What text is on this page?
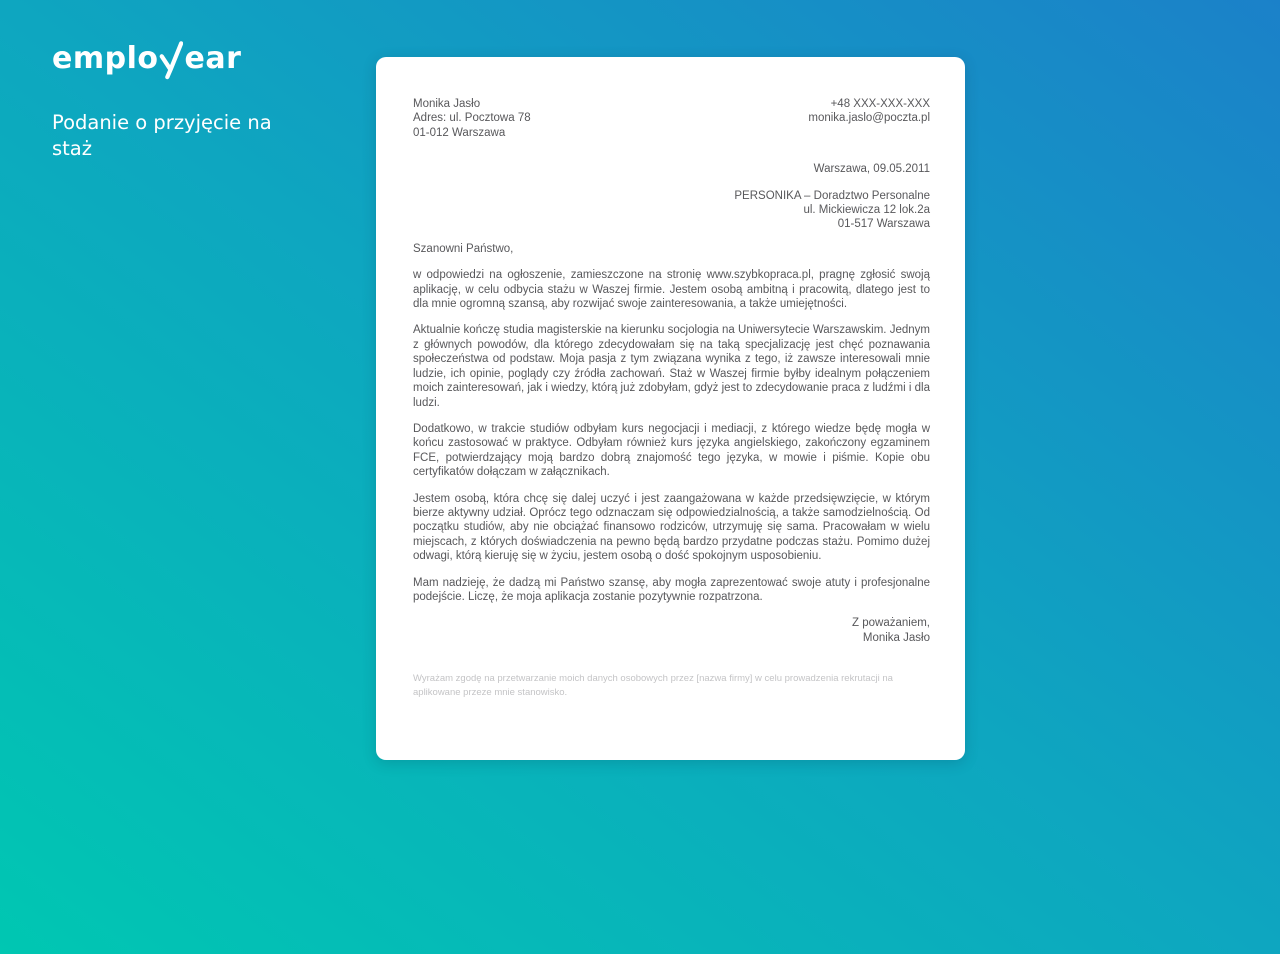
emplo ear
Podanie o przyjęcie na staż
Monika Jasło
Adres: ul. Pocztowa 78
01-012 Warszawa
+48 XXX-XXX-XXX
monika.jaslo@poczta.pl
Warszawa, 09.05.2011
PERSONIKA – Doradztwo Personalne
ul. Mickiewicza 12 lok.2a
01-517 Warszawa

Szanowni Państwo,

w odpowiedzi na ogłoszenie, zamieszczone na stronię www.szybkopraca.pl, pragnę zgłosić swoją aplikację, w celu odbycia stażu w Waszej firmie. Jestem osobą ambitną i pracowitą, dlatego jest to dla mnie ogromną szansą, aby rozwijać swoje zainteresowania, a także umiejętności.

Aktualnie kończę studia magisterskie na kierunku socjologia na Uniwersytecie Warszawskim. Jednym z głównych powodów, dla którego zdecydowałam się na taką specjalizację jest chęć poznawania społeczeństwa od podstaw. Moja pasja z tym związana wynika z tego, iż zawsze interesowali mnie ludzie, ich opinie, poglądy czy źródła zachowań. Staż w Waszej firmie byłby idealnym połączeniem moich zainteresowań, jak i wiedzy, którą już zdobyłam, gdyż jest to zdecydowanie praca z ludźmi i dla ludzi.

Dodatkowo, w trakcie studiów odbyłam kurs negocjacji i mediacji, z którego wiedze będę mogła w końcu zastosować w praktyce. Odbyłam również kurs języka angielskiego, zakończony egzaminem FCE, potwierdzający moją bardzo dobrą znajomość tego języka, w mowie i piśmie. Kopie obu certyfikatów dołączam w załącznikach.

Jestem osobą, która chcę się dalej uczyć i jest zaangażowana w każde przedsięwzięcie, w którym bierze aktywny udział. Oprócz tego odznaczam się odpowiedzialnością, a także samodzielnością. Od początku studiów, aby nie obciążać finansowo rodziców, utrzymuję się sama. Pracowałam w wielu miejscach, z których doświadczenia na pewno będą bardzo przydatne podczas stażu. Pomimo dużej odwagi, którą kieruję się w życiu, jestem osobą o dość spokojnym usposobieniu.

Mam nadzieję, że dadzą mi Państwo szansę, aby mogła zaprezentować swoje atuty i profesjonalne podejście. Liczę, że moja aplikacja zostanie pozytywnie rozpatrzona.

Z poważaniem,
Monika Jasło

Wyrażam zgodę na przetwarzanie moich danych osobowych przez [nazwa firmy] w celu prowadzenia rekrutacji na aplikowane przeze mnie stanowisko.
